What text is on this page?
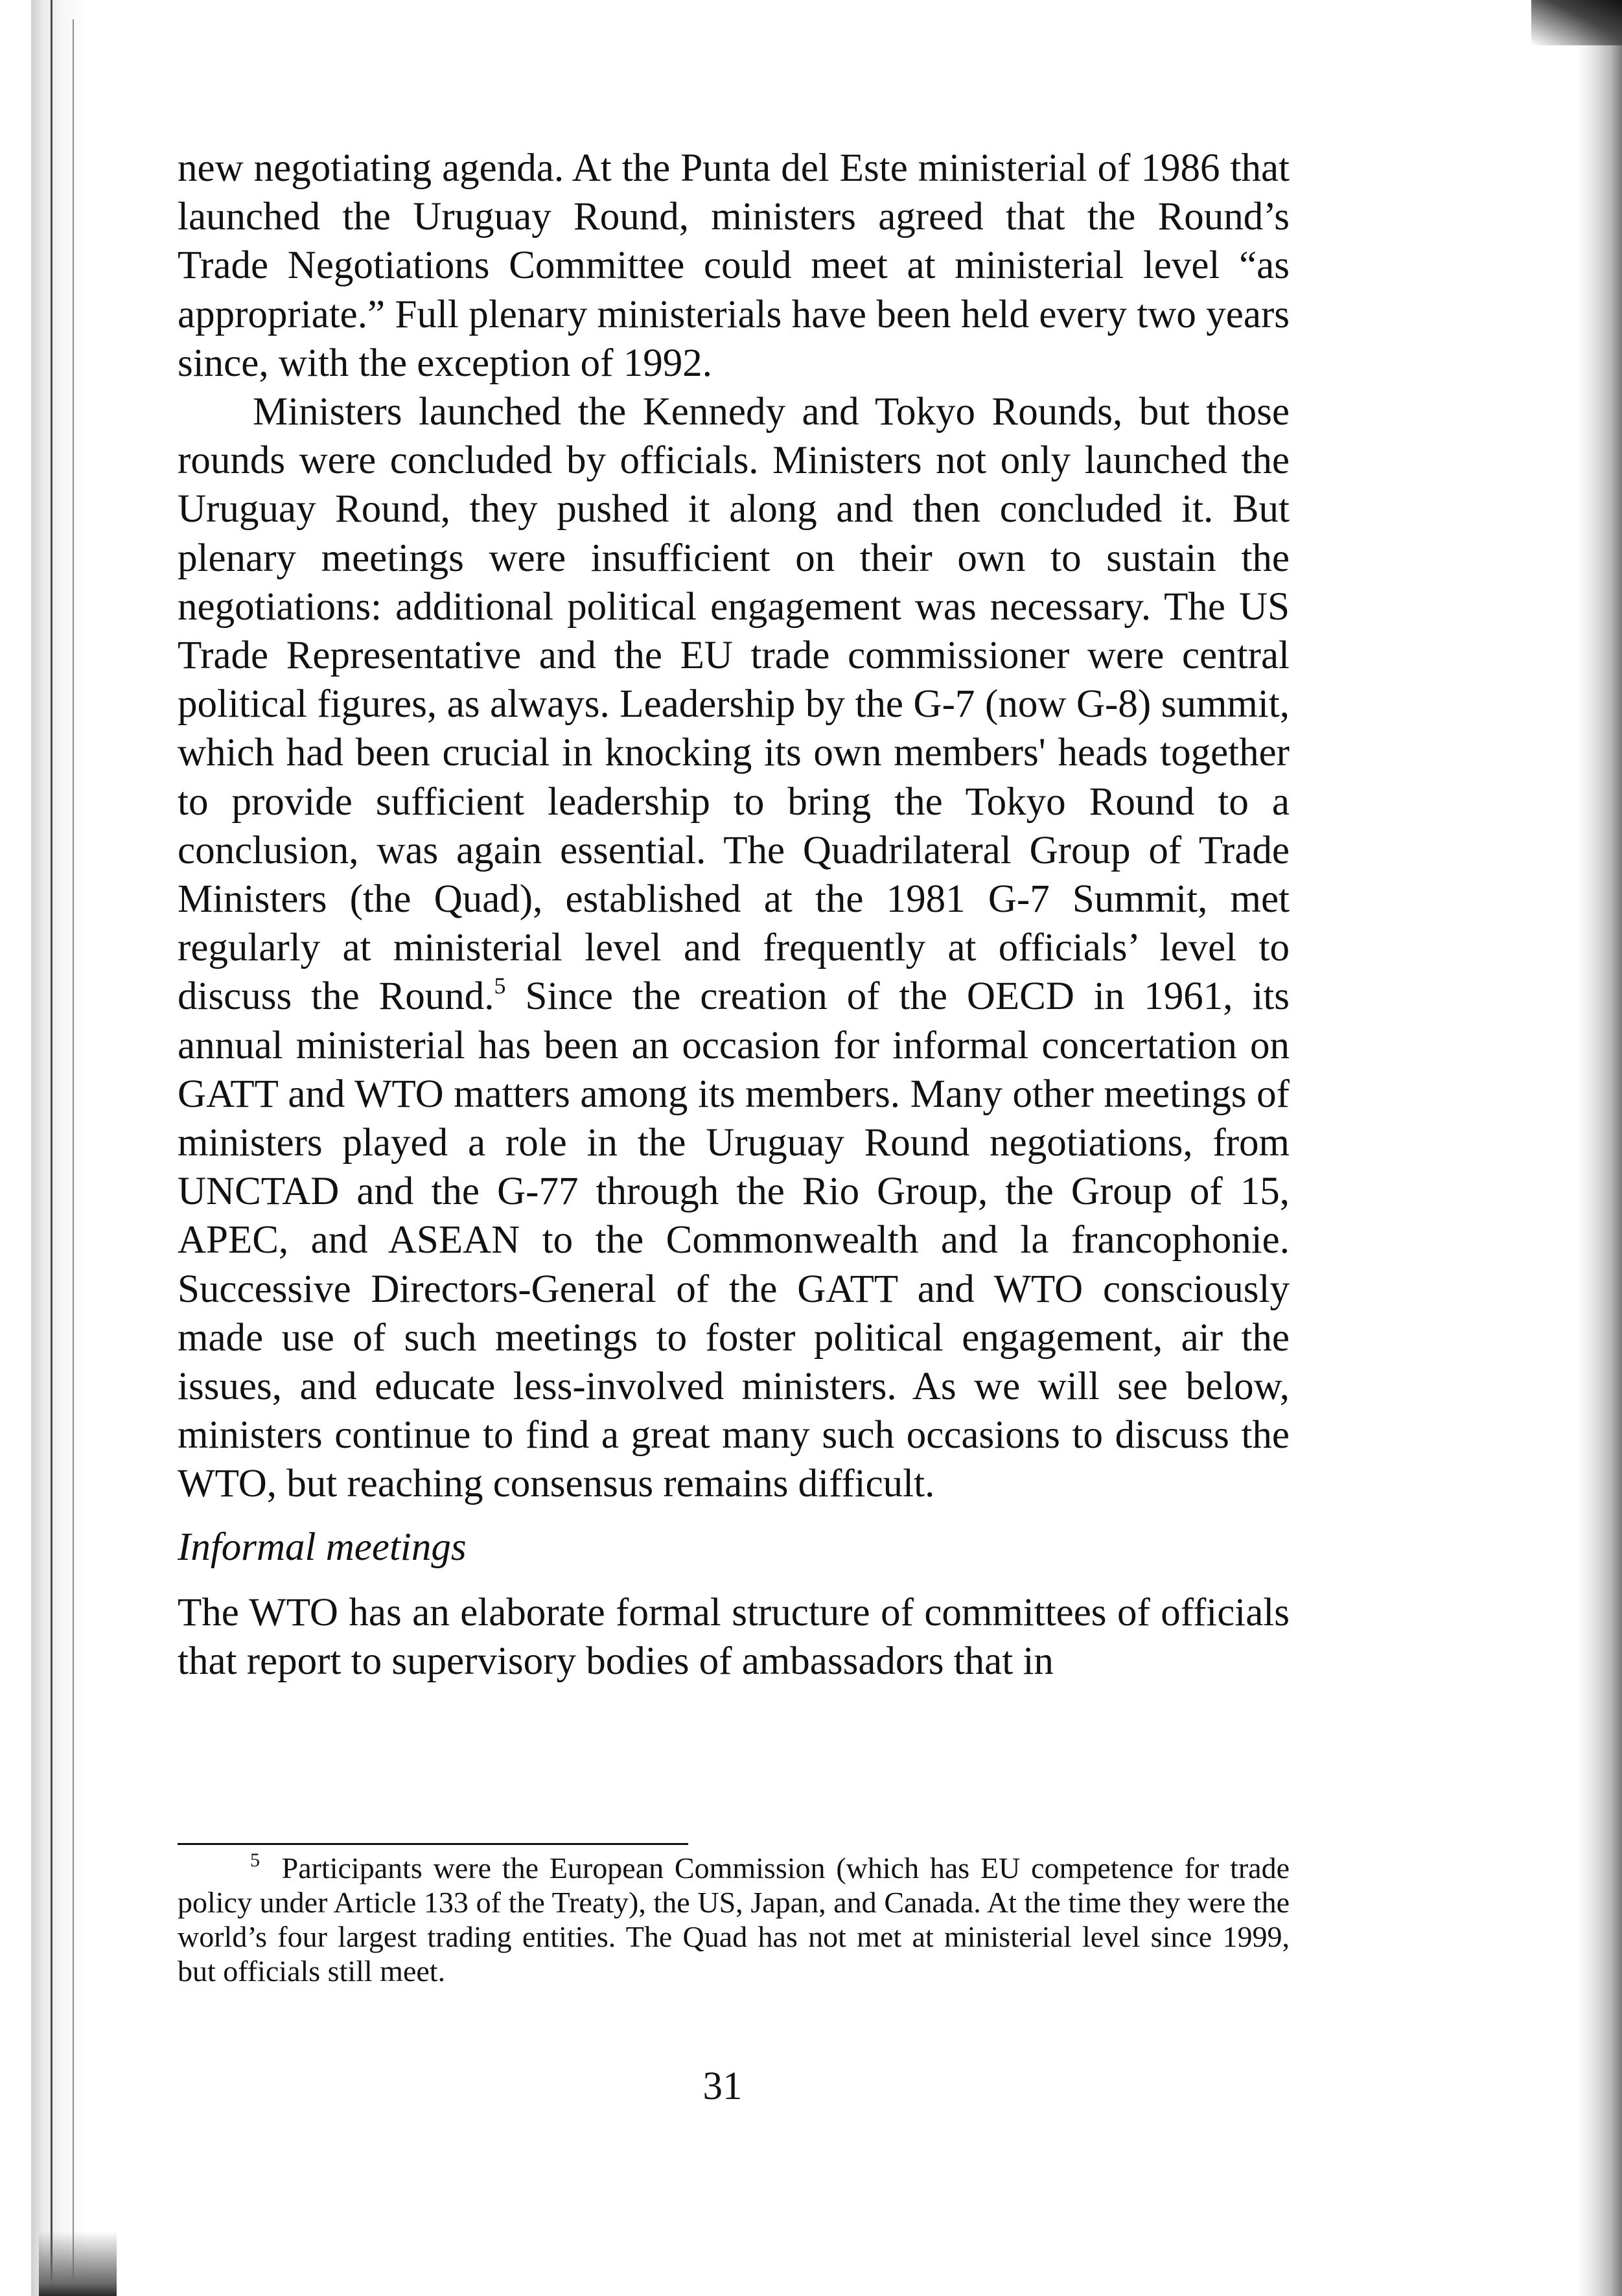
new negotiating agenda. At the Punta del Este ministerial of 1986 that launched the Uruguay Round, ministers agreed that the Round’s Trade Negotiations Committee could meet at ministerial level “as appropriate.” Full plenary ministerials have been held every two years since, with the exception of 1992.

Ministers launched the Kennedy and Tokyo Rounds, but those rounds were concluded by officials. Ministers not only launched the Uruguay Round, they pushed it along and then concluded it. But plenary meetings were insufficient on their own to sustain the negotiations: additional political engagement was necessary. The US Trade Representative and the EU trade commissioner were central political figures, as always. Leadership by the G-7 (now G-8) summit, which had been crucial in knocking its own members' heads together to provide sufficient leadership to bring the Tokyo Round to a conclusion, was again essential. The Quadrilateral Group of Trade Ministers (the Quad), established at the 1981 G-7 Summit, met regularly at ministerial level and frequently at officials’ level to discuss the Round.$^5$ Since the creation of the OECD in 1961, its annual ministerial has been an occasion for informal concertation on GATT and WTO matters among its members. Many other meetings of ministers played a role in the Uruguay Round negotiations, from UNCTAD and the G-77 through the Rio Group, the Group of 15, APEC, and ASEAN to the Commonwealth and la francophonie. Successive Directors-General of the GATT and WTO consciously made use of such meetings to foster political engagement, air the issues, and educate less-involved ministers. As we will see below, ministers continue to find a great many such occasions to discuss the WTO, but reaching consensus remains difficult.

Informal meetings

The WTO has an elaborate formal structure of committees of officials that report to supervisory bodies of ambassadors that in

$^5$ Participants were the European Commission (which has EU competence for trade policy under Article 133 of the Treaty), the US, Japan, and Canada. At the time they were the world’s four largest trading entities. The Quad has not met at ministerial level since 1999, but officials still meet.

31
